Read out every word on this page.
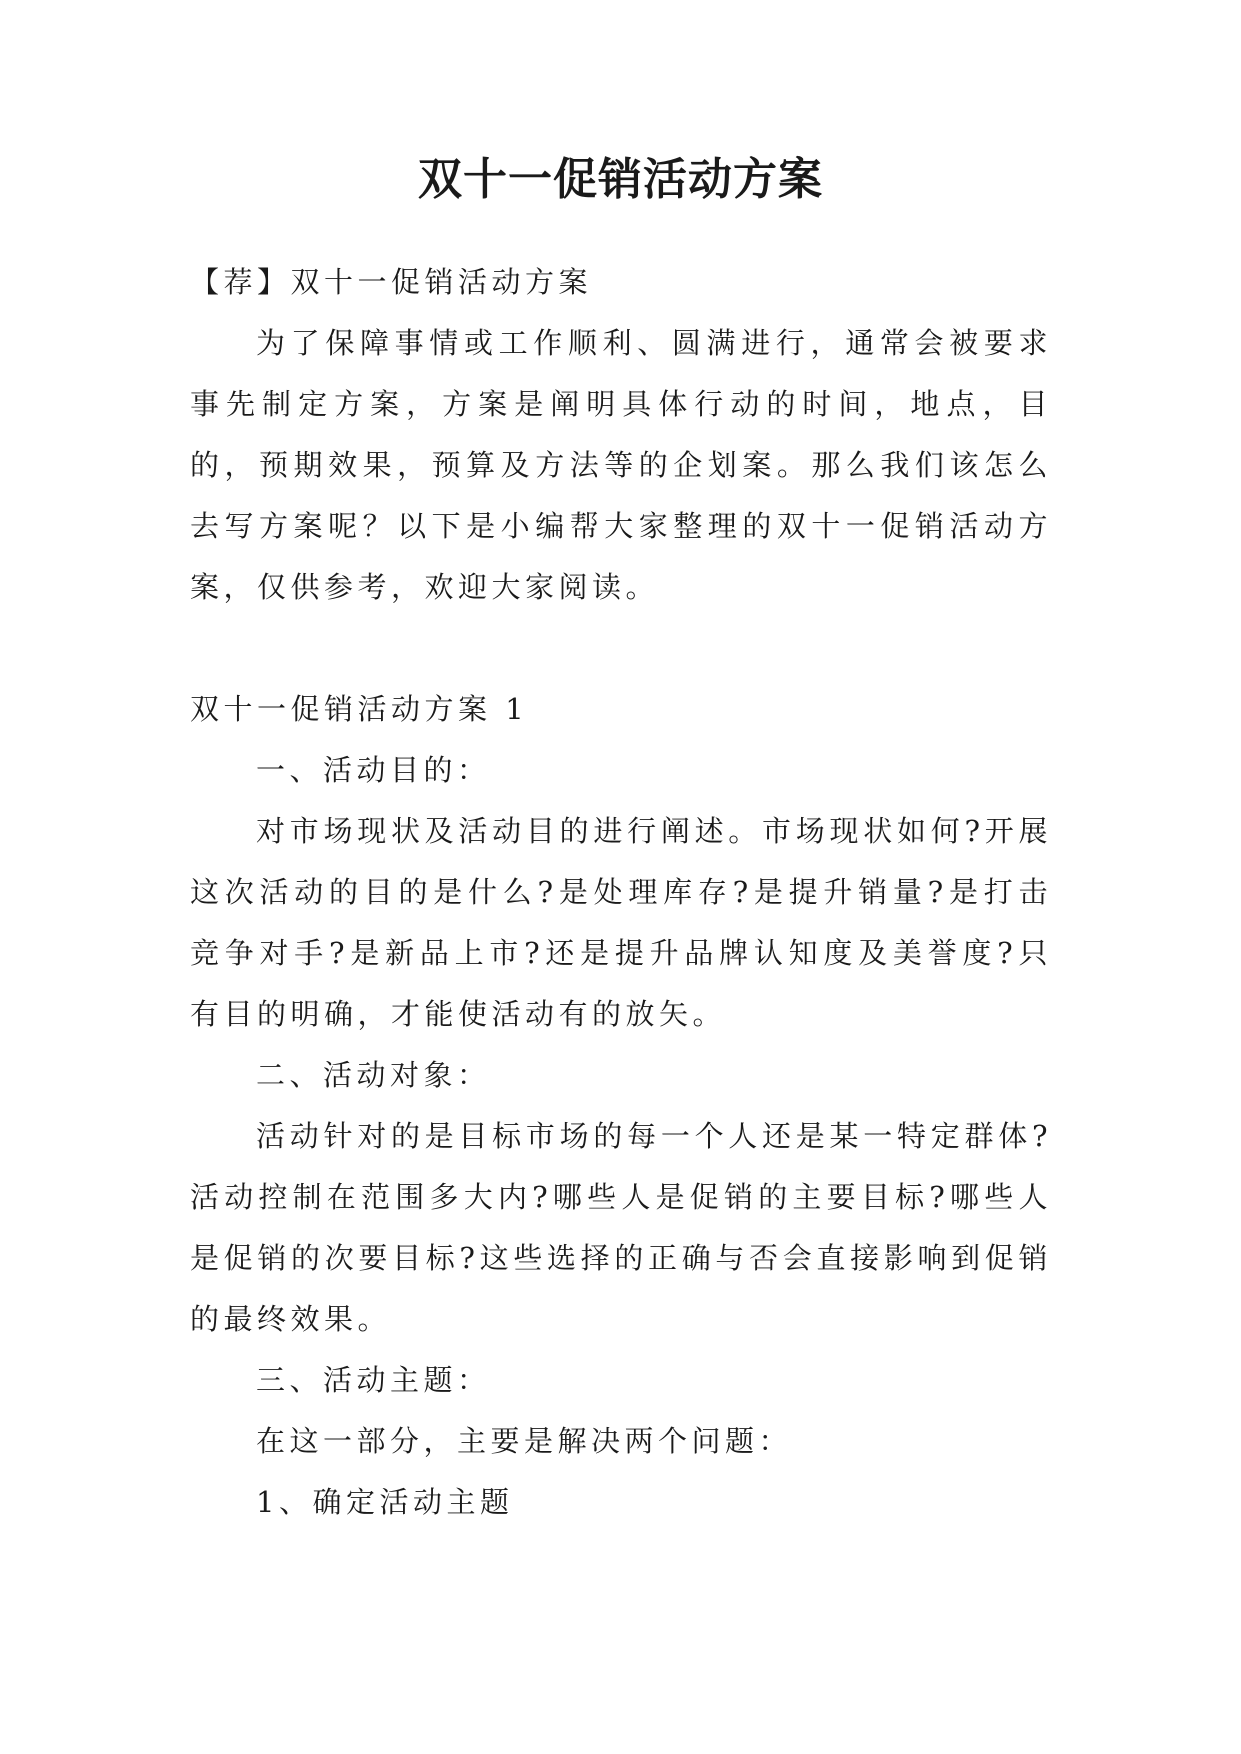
双十一促销活动方案

【荐】双十一促销活动方案

为了保障事情或工作顺利、圆满进行，通常会被要求事先制定方案，方案是阐明具体行动的时间，地点，目的，预期效果，预算及方法等的企划案。那么我们该怎么去写方案呢？以下是小编帮大家整理的双十一促销活动方案，仅供参考，欢迎大家阅读。

双十一促销活动方案 1

一、活动目的：

对市场现状及活动目的进行阐述。市场现状如何?开展这次活动的目的是什么?是处理库存?是提升销量?是打击竞争对手?是新品上市?还是提升品牌认知度及美誉度?只有目的明确，才能使活动有的放矢。

二、活动对象：

活动针对的是目标市场的每一个人还是某一特定群体?活动控制在范围多大内?哪些人是促销的主要目标?哪些人是促销的次要目标?这些选择的正确与否会直接影响到促销的最终效果。

三、活动主题：

在这一部分，主要是解决两个问题：

1、确定活动主题
